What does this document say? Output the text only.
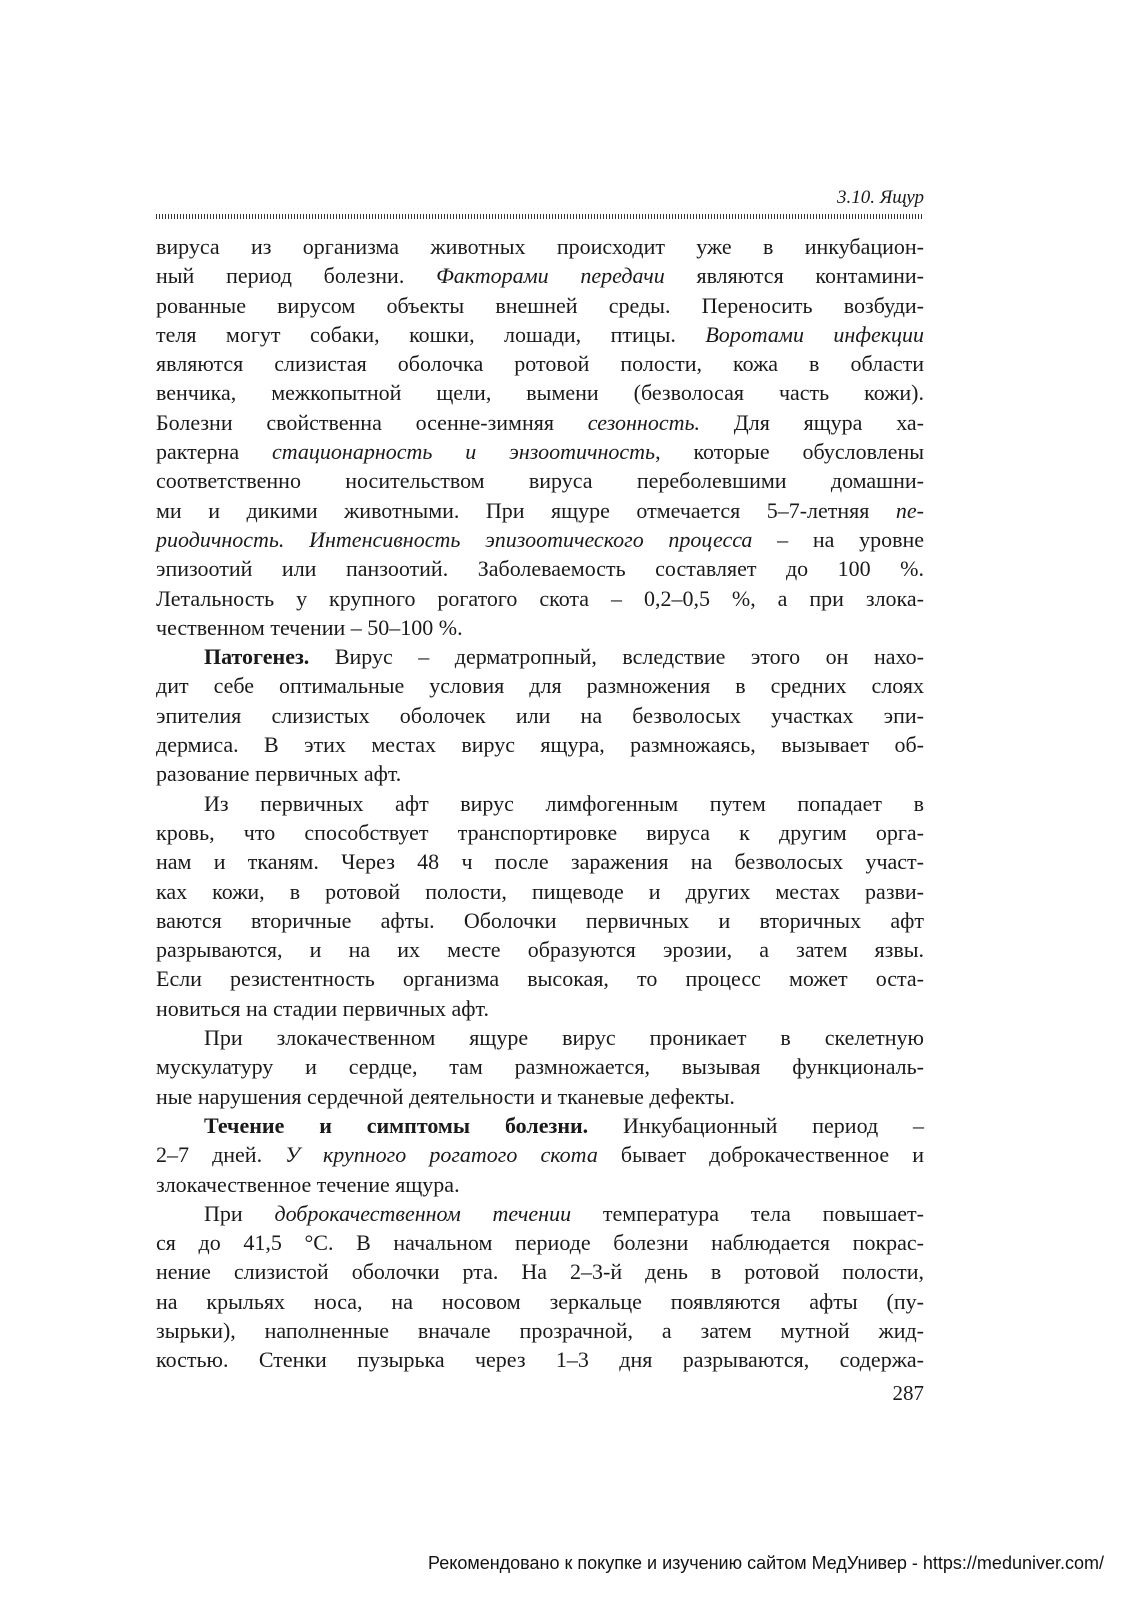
3.10. Ящур
вируса из организма животных происходит уже в инкубацион-
ный период болезни. Факторами передачи являются контамини-
рованные вирусом объекты внешней среды. Переносить возбуди-
теля могут собаки, кошки, лошади, птицы. Воротами инфекции
являются слизистая оболочка ротовой полости, кожа в области
венчика, межкопытной щели, вымени (безволосая часть кожи).
Болезни свойственна осенне-зимняя сезонность. Для ящура ха-
рактерна стационарность и энзоотичность, которые обусловлены
соответственно носительством вируса переболевшими домашни-
ми и дикими животными. При ящуре отмечается 5–7-летняя пе-
риодичность. Интенсивность эпизоотического процесса – на уровне
эпизоотий или панзоотий. Заболеваемость составляет до 100 %.
Летальность у крупного рогатого скота – 0,2–0,5 %, а при злока-
чественном течении – 50–100 %.
Патогенез. Вирус – дерматропный, вследствие этого он нахо-
дит себе оптимальные условия для размножения в средних слоях
эпителия слизистых оболочек или на безволосых участках эпи-
дермиса. В этих местах вирус ящура, размножаясь, вызывает об-
разование первичных афт.
Из первичных афт вирус лимфогенным путем попадает в
кровь, что способствует транспортировке вируса к другим орга-
нам и тканям. Через 48 ч после заражения на безволосых участ-
ках кожи, в ротовой полости, пищеводе и других местах разви-
ваются вторичные афты. Оболочки первичных и вторичных афт
разрываются, и на их месте образуются эрозии, а затем язвы.
Если резистентность организма высокая, то процесс может оста-
новиться на стадии первичных афт.
При злокачественном ящуре вирус проникает в скелетную
мускулатуру и сердце, там размножается, вызывая функциональ-
ные нарушения сердечной деятельности и тканевые дефекты.
Течение и симптомы болезни. Инкубационный период –
2–7 дней. У крупного рогатого скота бывает доброкачественное и
злокачественное течение ящура.
При доброкачественном течении температура тела повышает-
ся до 41,5 °С. В начальном периоде болезни наблюдается покрас-
нение слизистой оболочки рта. На 2–3-й день в ротовой полости,
на крыльях носа, на носовом зеркальце появляются афты (пу-
зырьки), наполненные вначале прозрачной, а затем мутной жид-
костью. Стенки пузырька через 1–3 дня разрываются, содержа-
287
Рекомендовано к покупке и изучению сайтом МедУнивер - https://meduniver.com/
